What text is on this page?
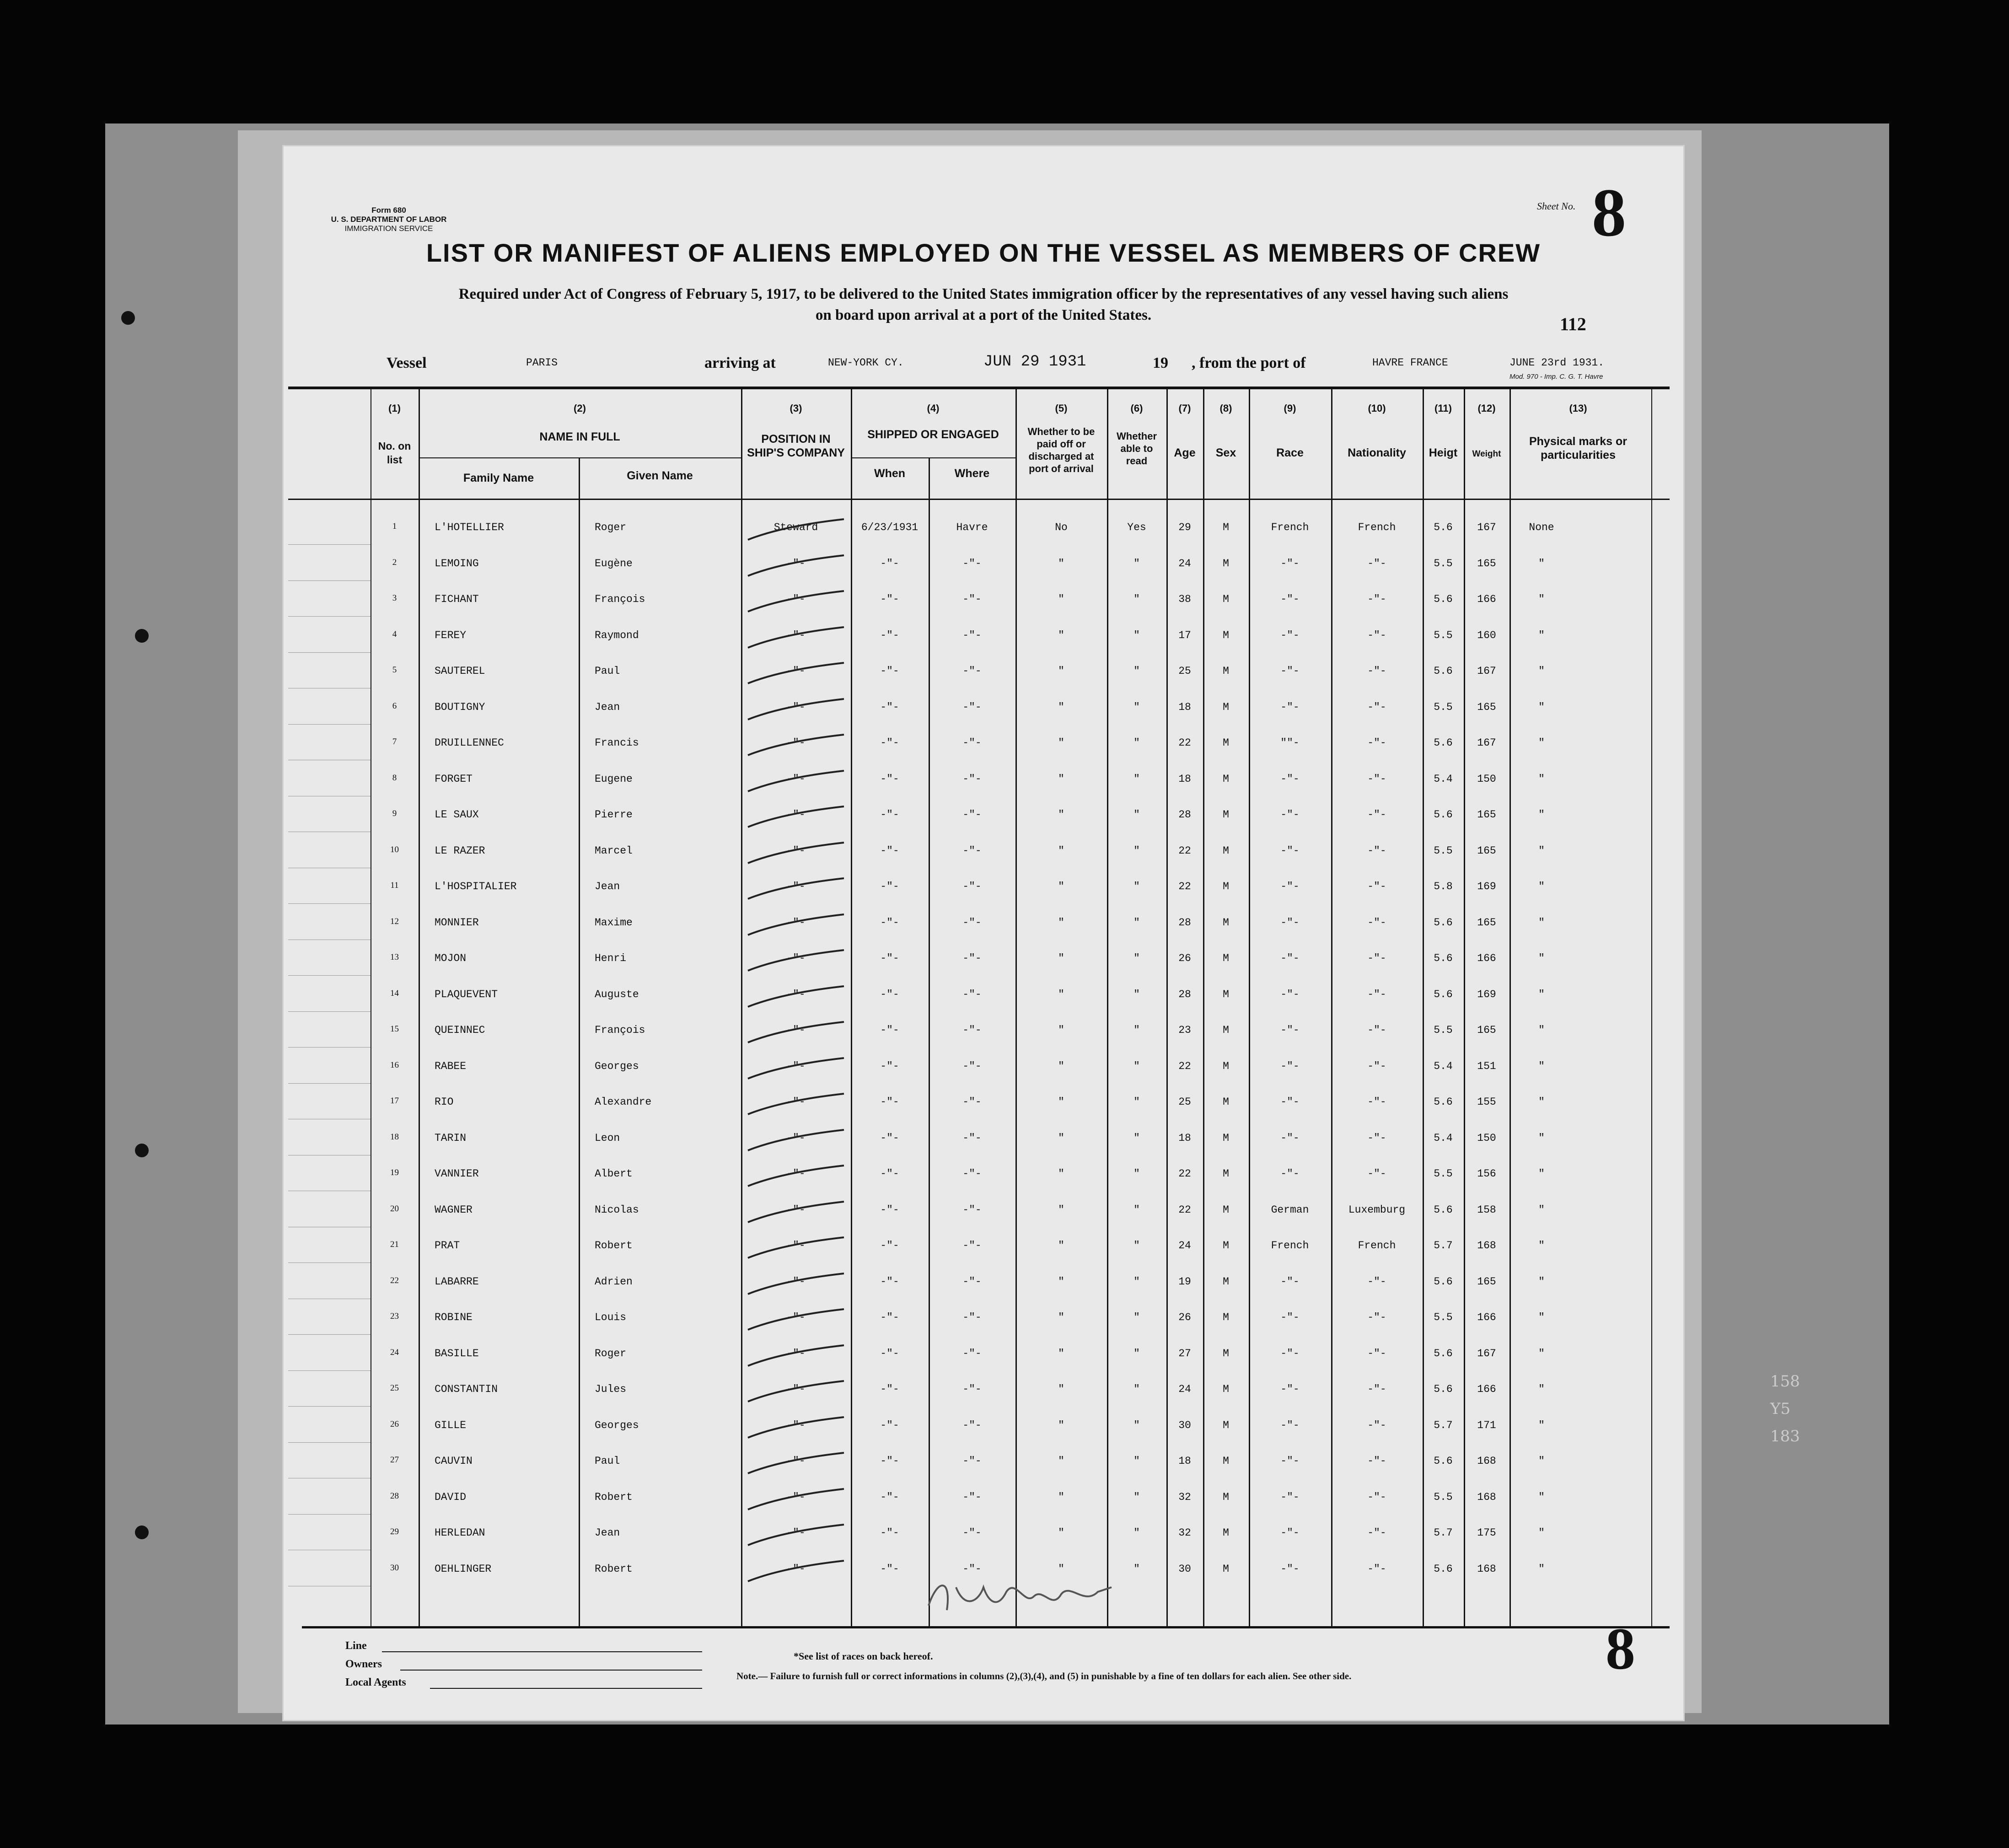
158
Y5
183
Form 680
U. S. DEPARTMENT OF LABOR
IMMIGRATION SERVICE
Sheet No. 8
LIST OR MANIFEST OF ALIENS EMPLOYED ON THE VESSEL AS MEMBERS OF CREW
Required under Act of Congress of February 5, 1917, to be delivered to the United States immigration officer by the representatives of any vessel having such aliens
on board upon arrival at a port of the United States.	112
Vessel	PARIS	arriving at	NEW-YORK CY.	JUN 29 1931	19 , from the port of	HAVRE FRANCE	JUNE 23rd 1931.
Mod. 970 - Imp. C. G. T. Havre
(1)	(2)	(3)	(4)	(5)	(6)	(7)	(8)	(9)	(10)	(11)	(12)	(13)
No. on list
NAME IN FULL
Family Name	Given Name
POSITION IN SHIP'S COMPANY
SHIPPED OR ENGAGED
When	Where
Whether to be paid off or discharged at port of arrival
Whether able to read
Age	Sex	Race	Nationality	Heigt	Weight
Physical marks or particularities
1	L'HOTELLIER	Roger	Steward	6/23/1931	Havre	No	Yes	29	M	French	French	5.6	167	None
2	LEMOING	Eugène	-"-	-"-	-"-	"	"	24	M	-"-	-"-	5.5	165	"
3	FICHANT	François	-"-	-"-	-"-	"	"	38	M	-"-	-"-	5.6	166	"
4	FEREY	Raymond	-"-	-"-	-"-	"	"	17	M	-"-	-"-	5.5	160	"
5	SAUTEREL	Paul	-"-	-"-	-"-	"	"	25	M	-"-	-"-	5.6	167	"
6	BOUTIGNY	Jean	-"-	-"-	-"-	"	"	18	M	-"-	-"-	5.5	165	"
7	DRUILLENNEC	Francis	-"-	-"-	-"-	"	"	22	M	""-	-"-	5.6	167	"
8	FORGET	Eugene	-"-	-"-	-"-	"	"	18	M	-"-	-"-	5.4	150	"
9	LE SAUX	Pierre	-"-	-"-	-"-	"	"	28	M	-"-	-"-	5.6	165	"
10	LE RAZER	Marcel	-"-	-"-	-"-	"	"	22	M	-"-	-"-	5.5	165	"
11	L'HOSPITALIER	Jean	-"-	-"-	-"-	"	"	22	M	-"-	-"-	5.8	169	"
12	MONNIER	Maxime	-"-	-"-	-"-	"	"	28	M	-"-	-"-	5.6	165	"
13	MOJON	Henri	-"-	-"-	-"-	"	"	26	M	-"-	-"-	5.6	166	"
14	PLAQUEVENT	Auguste	-"-	-"-	-"-	"	"	28	M	-"-	-"-	5.6	169	"
15	QUEINNEC	François	-"-	-"-	-"-	"	"	23	M	-"-	-"-	5.5	165	"
16	RABEE	Georges	-"-	-"-	-"-	"	"	22	M	-"-	-"-	5.4	151	"
17	RIO	Alexandre	-"-	-"-	-"-	"	"	25	M	-"-	-"-	5.6	155	"
18	TARIN	Leon	-"-	-"-	-"-	"	"	18	M	-"-	-"-	5.4	150	"
19	VANNIER	Albert	-"-	-"-	-"-	"	"	22	M	-"-	-"-	5.5	156	"
20	WAGNER	Nicolas	-"-	-"-	-"-	"	"	22	M	German	Luxemburg	5.6	158	"
21	PRAT	Robert	-"-	-"-	-"-	"	"	24	M	French	French	5.7	168	"
22	LABARRE	Adrien	-"-	-"-	-"-	"	"	19	M	-"-	-"-	5.6	165	"
23	ROBINE	Louis	-"-	-"-	-"-	"	"	26	M	-"-	-"-	5.5	166	"
24	BASILLE	Roger	-"-	-"-	-"-	"	"	27	M	-"-	-"-	5.6	167	"
25	CONSTANTIN	Jules	-"-	-"-	-"-	"	"	24	M	-"-	-"-	5.6	166	"
26	GILLE	Georges	-"-	-"-	-"-	"	"	30	M	-"-	-"-	5.7	171	"
27	CAUVIN	Paul	-"-	-"-	-"-	"	"	18	M	-"-	-"-	5.6	168	"
28	DAVID	Robert	-"-	-"-	-"-	"	"	32	M	-"-	-"-	5.5	168	"
29	HERLEDAN	Jean	-"-	-"-	-"-	"	"	32	M	-"-	-"-	5.7	175	"
30	OEHLINGER	Robert	-"-	-"-	-"-	"	"	30	M	-"-	-"-	5.6	168	"
Line
Owners
Local Agents
*See list of races on back hereof.
Note.— Failure to furnish full or correct informations in columns (2),(3),(4), and (5) in punishable by a fine of ten dollars for each alien. See other side.	8
